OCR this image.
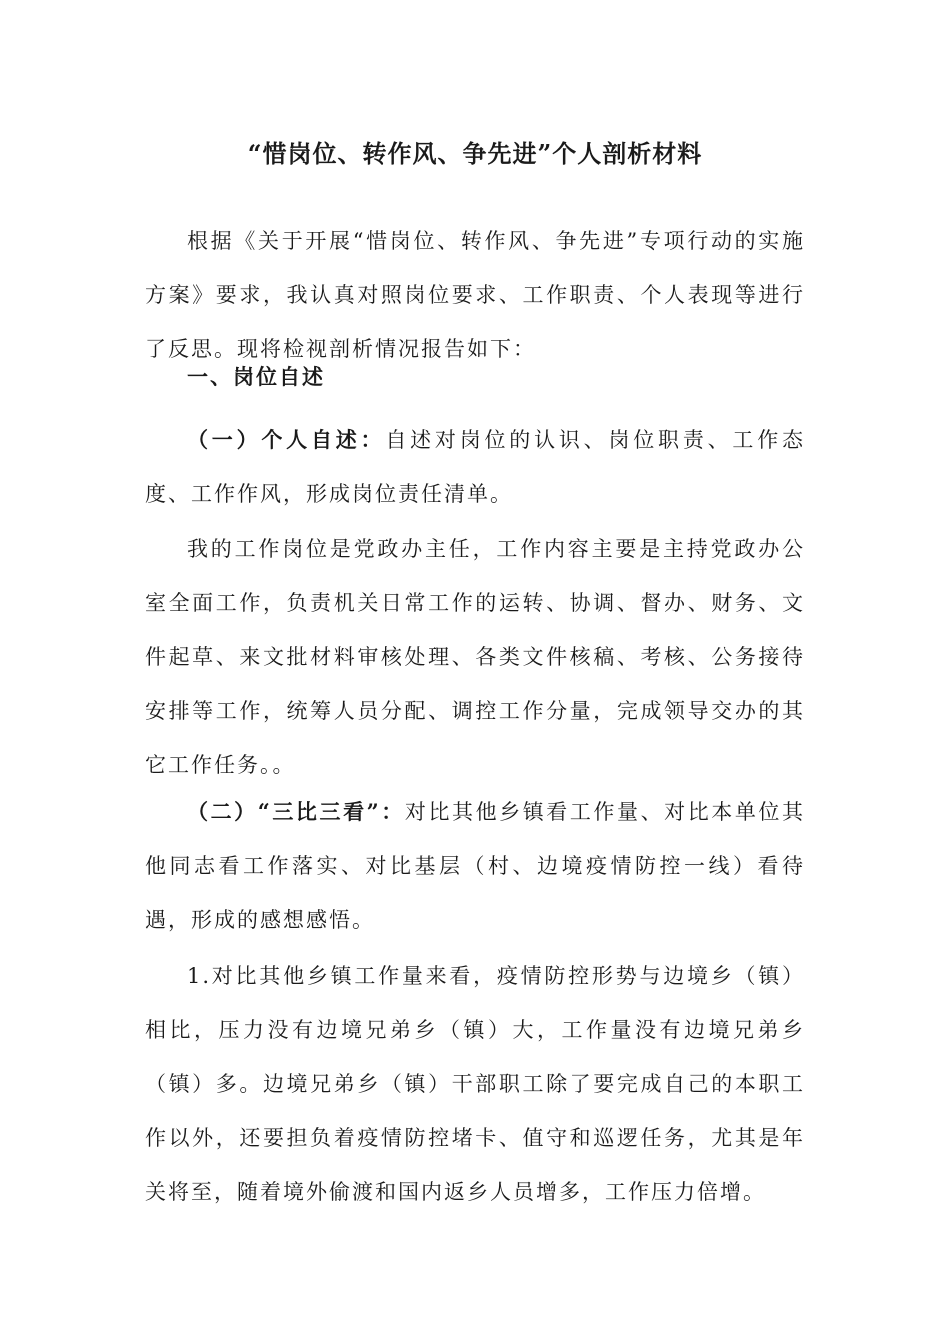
“惜岗位、转作风、争先进”个人剖析材料

根据《关于开展“惜岗位、转作风、争先进”专项行动的实施方案》要求，我认真对照岗位要求、工作职责、个人表现等进行了反思。现将检视剖析情况报告如下：

一、岗位自述

（一）个人自述：自述对岗位的认识、岗位职责、工作态度、工作作风，形成岗位责任清单。

我的工作岗位是党政办主任，工作内容主要是主持党政办公室全面工作，负责机关日常工作的运转、协调、督办、财务、文件起草、来文批材料审核处理、各类文件核稿、考核、公务接待安排等工作，统筹人员分配、调控工作分量，完成领导交办的其它工作任务。。

（二）“三比三看”：对比其他乡镇看工作量、对比本单位其他同志看工作落实、对比基层（村、边境疫情防控一线）看待遇，形成的感想感悟。

1.对比其他乡镇工作量来看，疫情防控形势与边境乡（镇）相比，压力没有边境兄弟乡（镇）大，工作量没有边境兄弟乡（镇）多。边境兄弟乡（镇）干部职工除了要完成自己的本职工作以外，还要担负着疫情防控堵卡、值守和巡逻任务，尤其是年关将至，随着境外偷渡和国内返乡人员增多，工作压力倍增。
